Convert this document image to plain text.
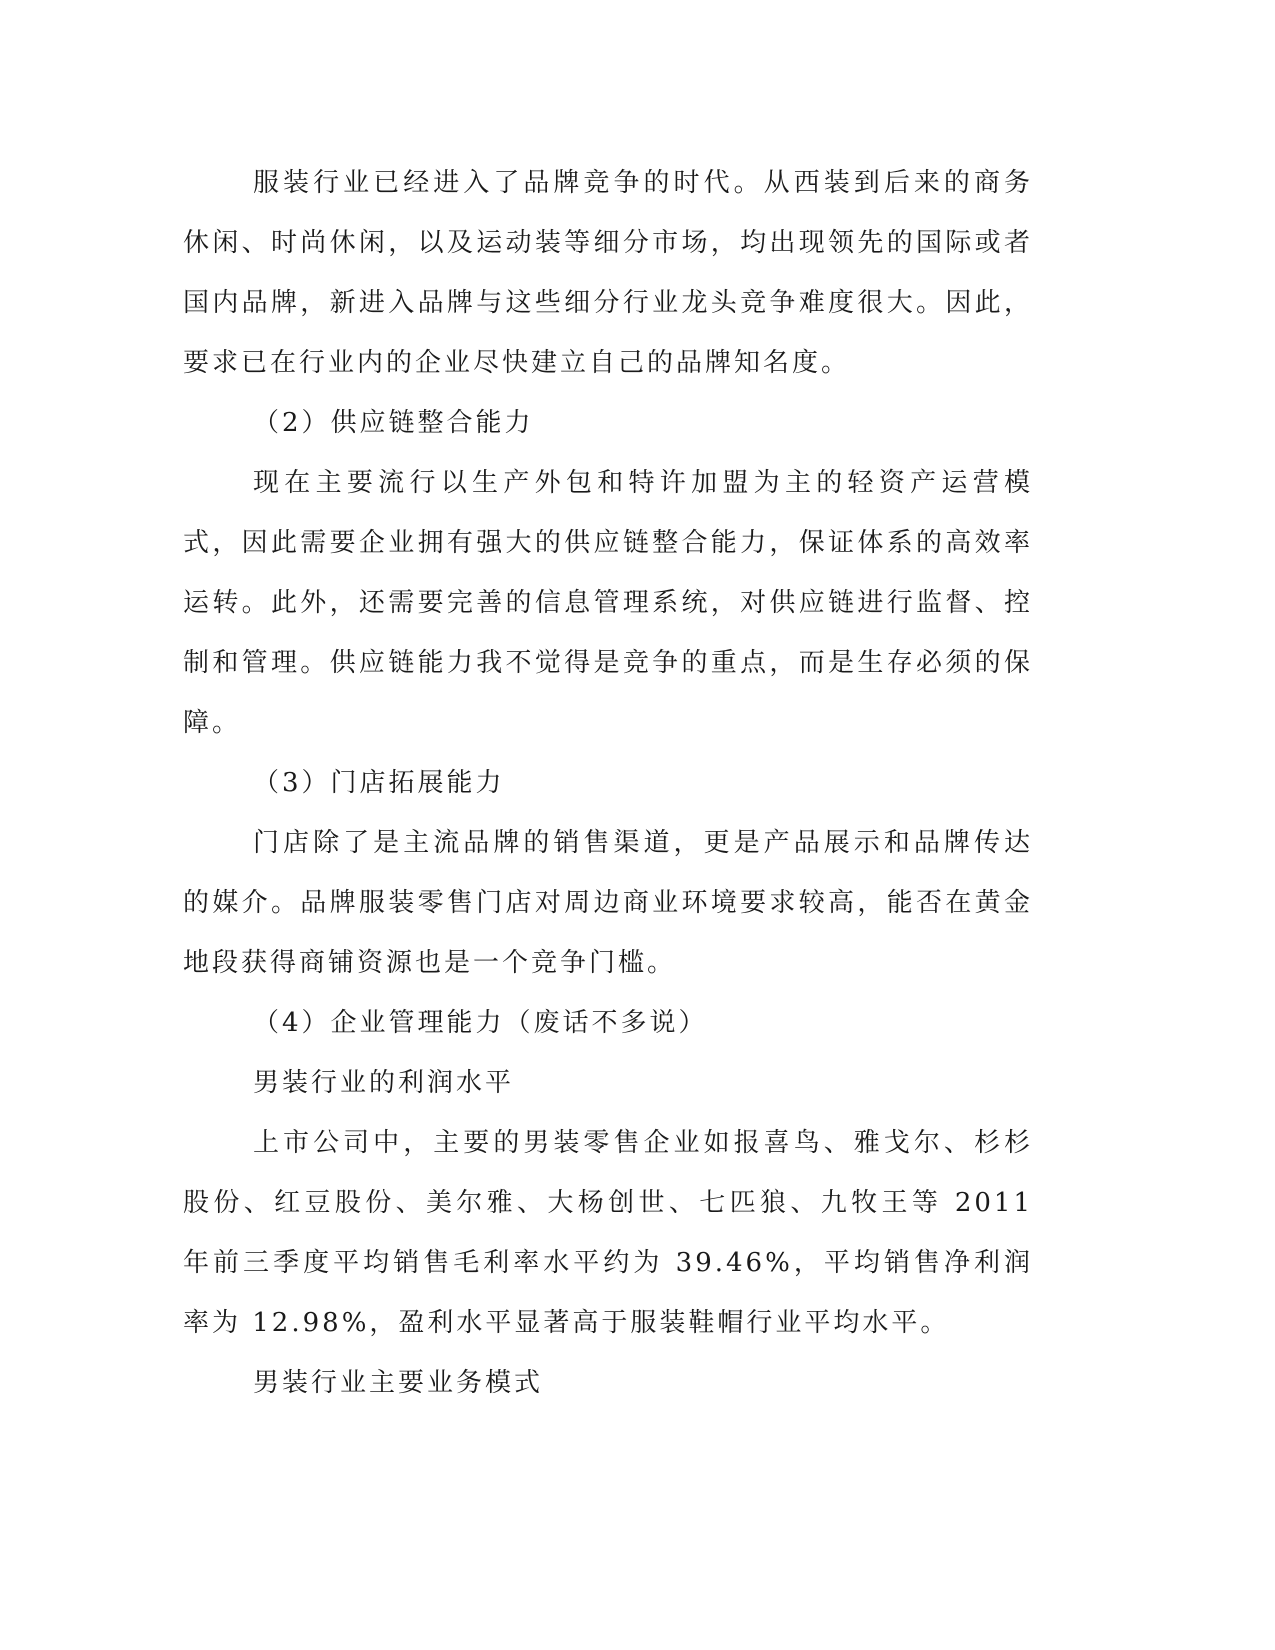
服装行业已经进入了品牌竞争的时代。从西装到后来的商务休闲、时尚休闲，以及运动装等细分市场，均出现领先的国际或者国内品牌，新进入品牌与这些细分行业龙头竞争难度很大。因此，要求已在行业内的企业尽快建立自己的品牌知名度。

（2）供应链整合能力

现在主要流行以生产外包和特许加盟为主的轻资产运营模式，因此需要企业拥有强大的供应链整合能力，保证体系的高效率运转。此外，还需要完善的信息管理系统，对供应链进行监督、控制和管理。供应链能力我不觉得是竞争的重点，而是生存必须的保障。

（3）门店拓展能力

门店除了是主流品牌的销售渠道，更是产品展示和品牌传达的媒介。品牌服装零售门店对周边商业环境要求较高，能否在黄金地段获得商铺资源也是一个竞争门槛。

（4）企业管理能力（废话不多说）

男装行业的利润水平

上市公司中，主要的男装零售企业如报喜鸟、雅戈尔、杉杉股份、红豆股份、美尔雅、大杨创世、七匹狼、九牧王等 2011 年前三季度平均销售毛利率水平约为 39.46%，平均销售净利润率为 12.98%，盈利水平显著高于服装鞋帽行业平均水平。

男装行业主要业务模式
